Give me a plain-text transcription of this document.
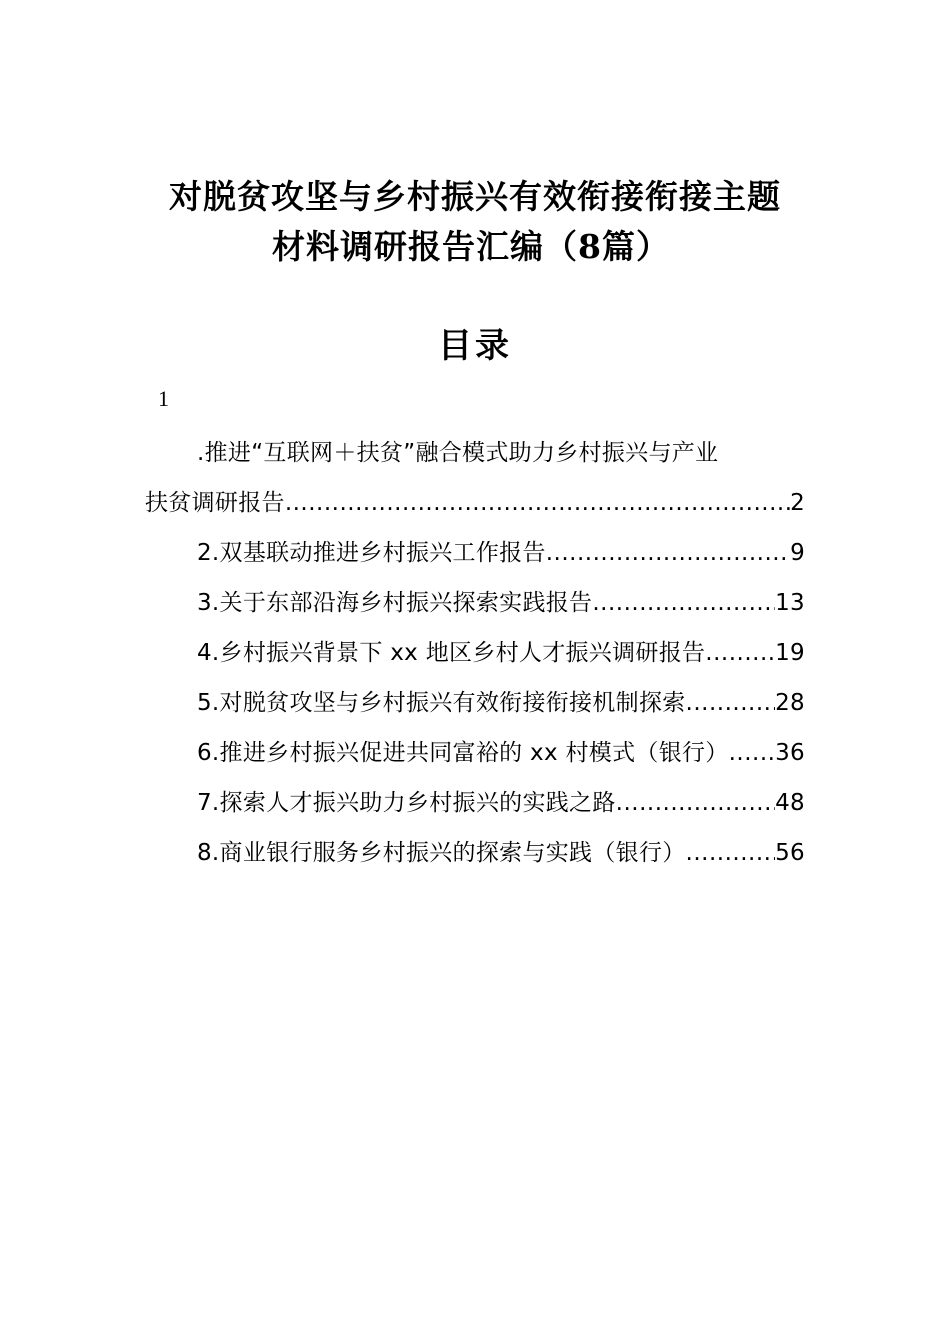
对脱贫攻坚与乡村振兴有效衔接衔接主题
材料调研报告汇编（8篇）
目录
1
.推进“互联网＋扶贫”融合模式助力乡村振兴与产业
扶贫调研报告 .....	2
2.双基联动推进乡村振兴工作报告 .....	9
3.关于东部沿海乡村振兴探索实践报告 .....	13
4.乡村振兴背景下 xx 地区乡村人才振兴调研报告 .....	19
5.对脱贫攻坚与乡村振兴有效衔接衔接机制探索 .....	28
6.推进乡村振兴促进共同富裕的 xx 村模式（银行） ..... 36
7.探索人才振兴助力乡村振兴的实践之路 .....	48
8.商业银行服务乡村振兴的探索与实践（银行） .....	56
